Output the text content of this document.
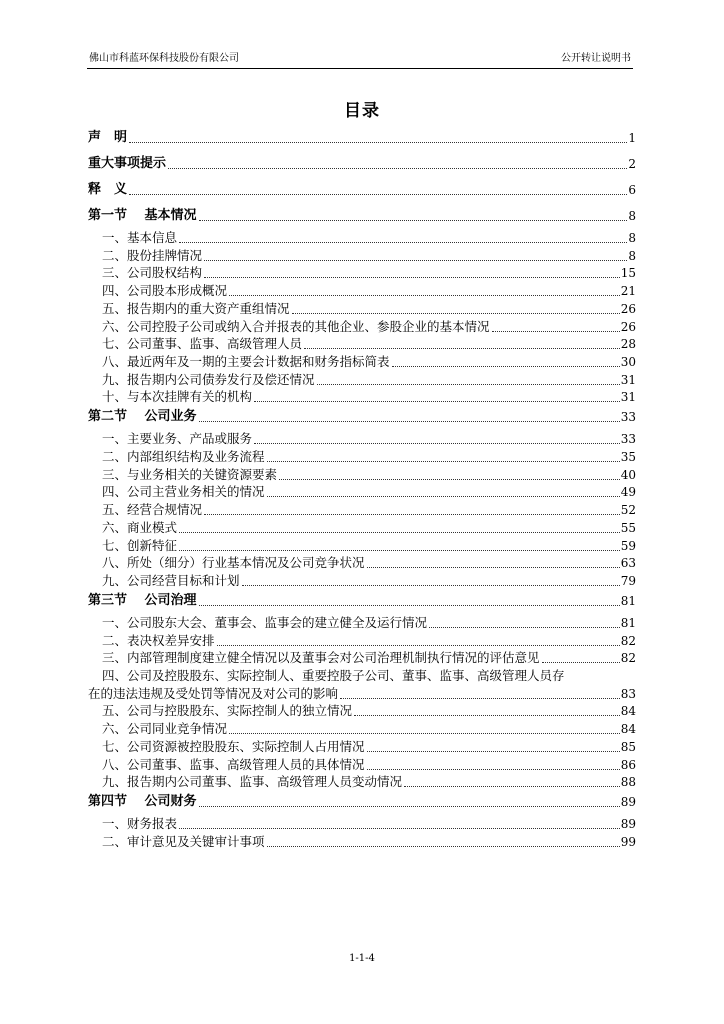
佛山市科蓝环保科技股份有限公司	公开转让说明书
目录
声　明	1
重大事项提示	2
释　义	6
第一节　 基本情况	8
一、基本信息	8
二、股份挂牌情况	8
三、公司股权结构	15
四、公司股本形成概况	21
五、报告期内的重大资产重组情况	26
六、公司控股子公司或纳入合并报表的其他企业、参股企业的基本情况	26
七、公司董事、监事、高级管理人员	28
八、最近两年及一期的主要会计数据和财务指标简表	30
九、报告期内公司债券发行及偿还情况	31
十、与本次挂牌有关的机构	31
第二节　 公司业务	33
一、主要业务、产品或服务	33
二、内部组织结构及业务流程	35
三、与业务相关的关键资源要素	40
四、公司主营业务相关的情况	49
五、经营合规情况	52
六、商业模式	55
七、创新特征	59
八、所处（细分）行业基本情况及公司竞争状况	63
九、公司经营目标和计划	79
第三节　 公司治理	81
一、公司股东大会、董事会、监事会的建立健全及运行情况	81
二、表决权差异安排	82
三、内部管理制度建立健全情况以及董事会对公司治理机制执行情况的评估意见	82
四、公司及控股股东、实际控制人、重要控股子公司、董事、监事、高级管理人员存
在的违法违规及受处罚等情况及对公司的影响	83
五、公司与控股股东、实际控制人的独立情况	84
六、公司同业竞争情况	84
七、公司资源被控股股东、实际控制人占用情况	85
八、公司董事、监事、高级管理人员的具体情况	86
九、报告期内公司董事、监事、高级管理人员变动情况	88
第四节　 公司财务	89
一、财务报表	89
二、审计意见及关键审计事项	99
1-1-4
